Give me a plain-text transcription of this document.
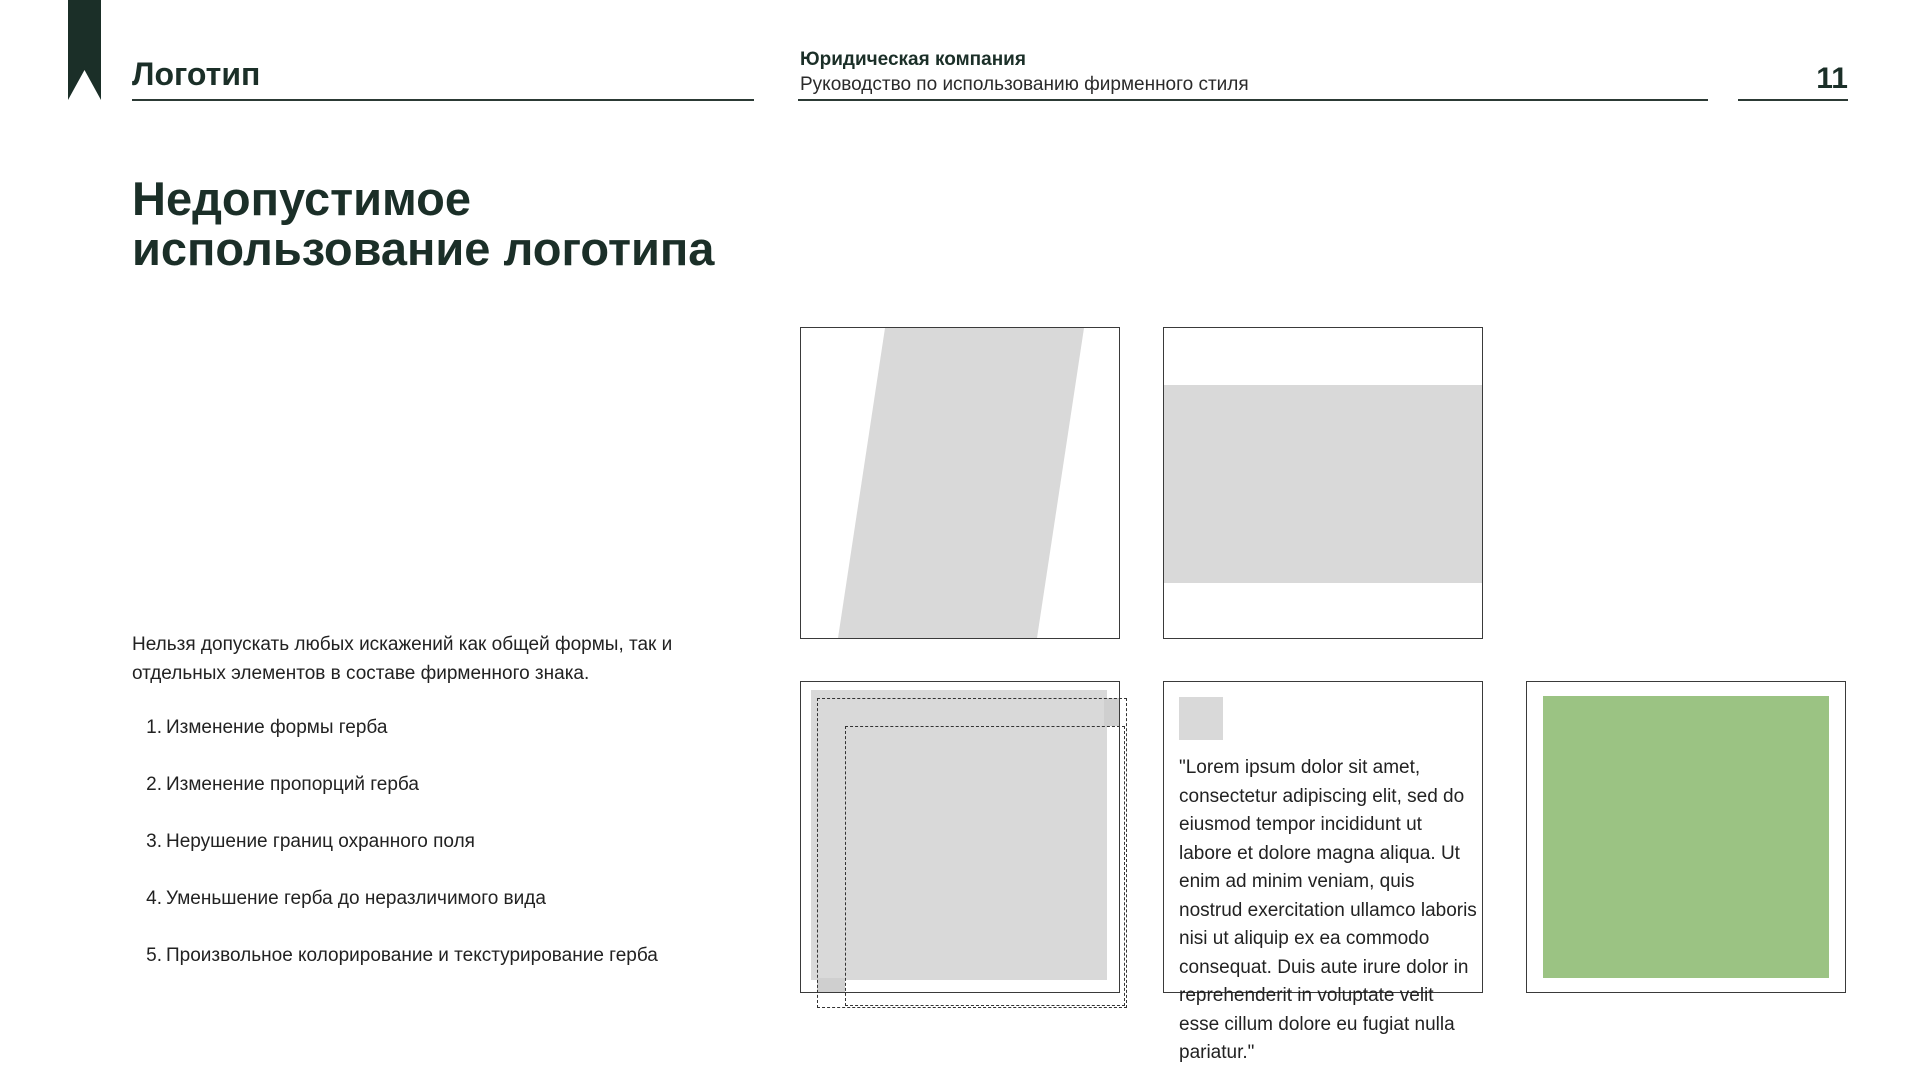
Логотип	Юридическая компания
Руководство по использованию фирменного стиля	11
Недопустимое использование логотипа

Нельзя допускать любых искажений как общей формы, так и отдельных элементов в составе фирменного знака.

1. Изменение формы герба
2. Изменение пропорций герба
3. Нерушение границ охранного поля
4. Уменьшение герба до неразличимого вида
5. Произвольное колорирование и текстурирование герба

"Lorem ipsum dolor sit amet, consectetur adipiscing elit, sed do eiusmod tempor incididunt ut labore et dolore magna aliqua. Ut enim ad minim veniam, quis nostrud exercitation ullamco laboris nisi ut aliquip ex ea commodo consequat. Duis aute irure dolor in reprehenderit in voluptate velit esse cillum dolore eu fugiat nulla pariatur."
